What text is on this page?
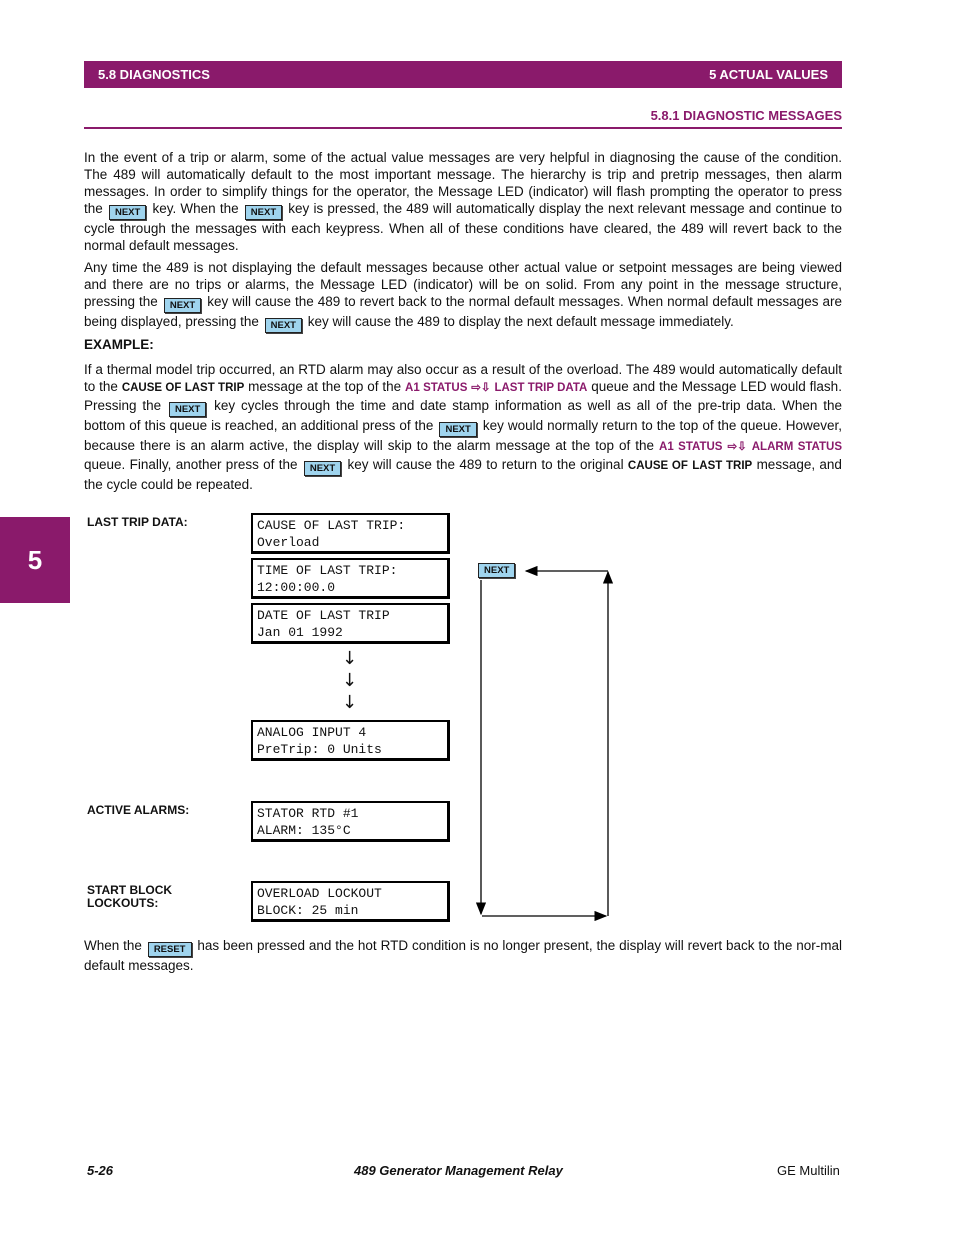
5.8 DIAGNOSTICS	5 ACTUAL VALUES
5.8.1 DIAGNOSTIC MESSAGES

In the event of a trip or alarm, some of the actual value messages are very helpful in diagnosing the cause of the condition. The 489 will automatically default to the most important message. The hierarchy is trip and pretrip messages, then alarm messages. In order to simplify things for the operator, the Message LED (indicator) will flash prompting the operator to press the NEXT key. When the NEXT key is pressed, the 489 will automatically display the next relevant message and continue to cycle through the messages with each keypress. When all of these conditions have cleared, the 489 will revert back to the normal default messages.

Any time the 489 is not displaying the default messages because other actual value or setpoint messages are being viewed and there are no trips or alarms, the Message LED (indicator) will be on solid. From any point in the message structure, pressing the NEXT key will cause the 489 to revert back to the normal default messages. When normal default messages are being displayed, pressing the NEXT key will cause the 489 to display the next default message immediately.

EXAMPLE:

If a thermal model trip occurred, an RTD alarm may also occur as a result of the overload. The 489 would automatically default to the CAUSE OF LAST TRIP message at the top of the A1 STATUS ⇨⇩ LAST TRIP DATA queue and the Message LED would flash. Pressing the NEXT key cycles through the time and date stamp information as well as all of the pre-trip data. When the bottom of this queue is reached, an additional press of the NEXT key would normally return to the top of the queue. However, because there is an alarm active, the display will skip to the alarm message at the top of the A1 STATUS ⇨⇩ ALARM STATUS queue. Finally, another press of the NEXT key will cause the 489 to return to the original CAUSE OF LAST TRIP message, and the cycle could be repeated.

5
LAST TRIP DATA:
ACTIVE ALARMS:
START BLOCK
LOCKOUTS:
CAUSE OF LAST TRIP:
Overload
TIME OF LAST TRIP:
12:00:00.0
DATE OF LAST TRIP
Jan 01 1992
↓
↓
↓
ANALOG INPUT 4
PreTrip: 0 Units
STATOR RTD #1
ALARM: 135°C
OVERLOAD LOCKOUT
BLOCK: 25 min
NEXT

When the RESET has been pressed and the hot RTD condition is no longer present, the display will revert back to the nor-mal default messages.

5-26	489 Generator Management Relay	GE Multilin
